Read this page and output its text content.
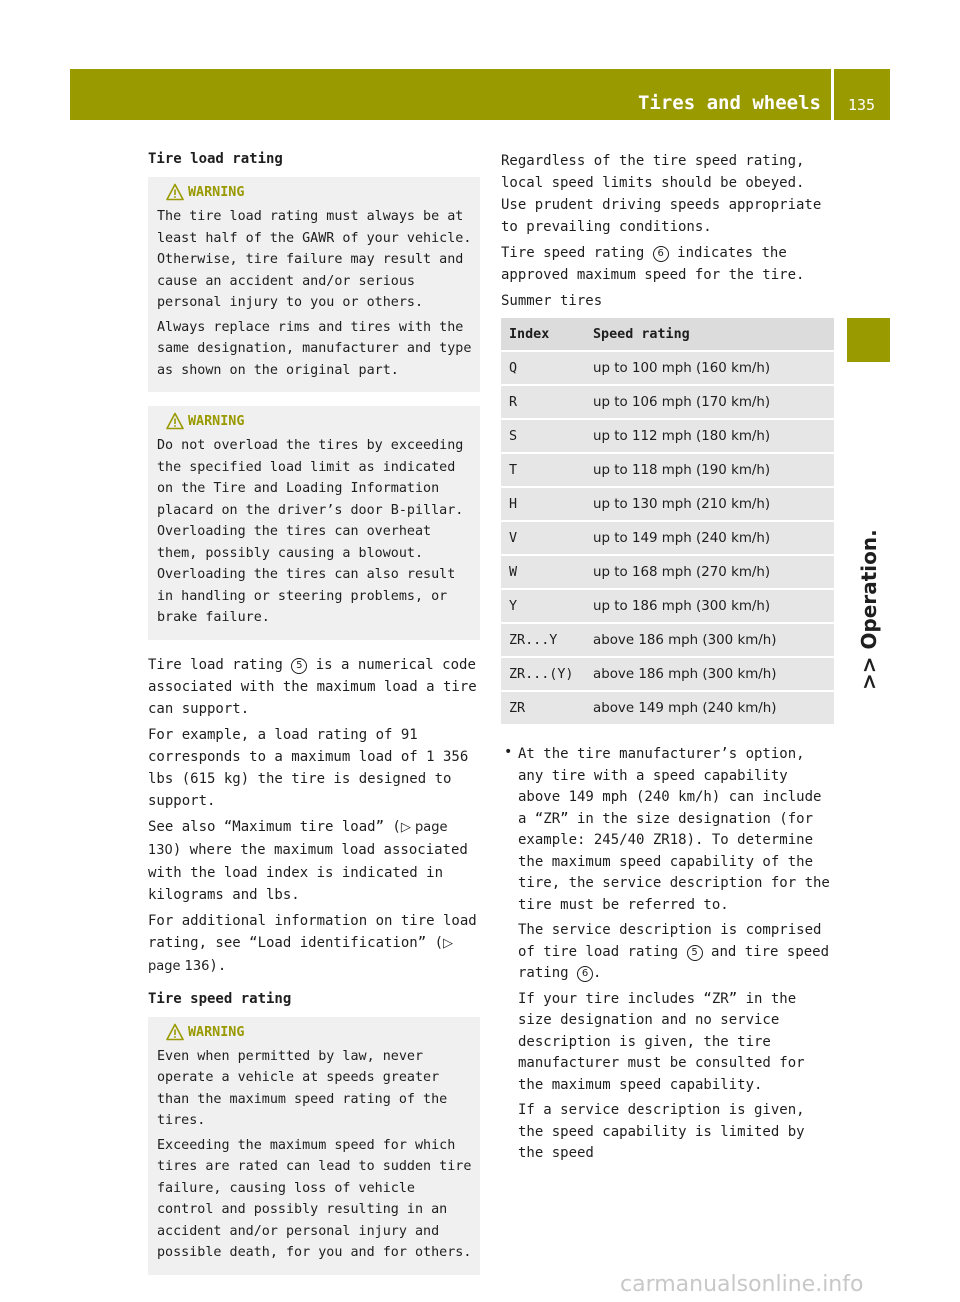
Tires and wheels 135
>> Operation.
Tire load rating
WARNING

The tire load rating must always be at least half of the GAWR of your vehicle. Otherwise, tire failure may result and cause an accident and/or serious personal injury to you or others.

Always replace rims and tires with the same designation, manufacturer and type as shown on the original part.

WARNING

Do not overload the tires by exceeding the specified load limit as indicated on the Tire and Loading Information placard on the driver’s door B-pillar. Overloading the tires can overheat them, possibly causing a blowout. Overloading the tires can also result in handling or steering problems, or brake failure.

Tire load rating 5 is a numerical code associated with the maximum load a tire can support.

For example, a load rating of 91 corresponds to a maximum load of 1 356 lbs (615 kg) the tire is designed to support.

See also “Maximum tire load” (▷ page 130) where the maximum load associated with the load index is indicated in kilograms and lbs.

For additional information on tire load rating, see “Load identification” (▷ page 136).

Tire speed rating
WARNING

Even when permitted by law, never operate a vehicle at speeds greater than the maximum speed rating of the tires.

Exceeding the maximum speed for which tires are rated can lead to sudden tire failure, causing loss of vehicle control and possibly resulting in an accident and/or personal injury and possible death, for you and for others.

Regardless of the tire speed rating, local speed limits should be obeyed. Use prudent driving speeds appropriate to prevailing conditions.

Tire speed rating 6 indicates the approved maximum speed for the tire.

Summer tires

Index	Speed rating
Q	up to 100 mph (160 km/h)
R	up to 106 mph (170 km/h)
S	up to 112 mph (180 km/h)
T	up to 118 mph (190 km/h)
H	up to 130 mph (210 km/h)
V	up to 149 mph (240 km/h)
W	up to 168 mph (270 km/h)
Y	up to 186 mph (300 km/h)
ZR...Y	above 186 mph (300 km/h)
ZR...(Y)	above 186 mph (300 km/h)
ZR	above 149 mph (240 km/h)
• At the tire manufacturer’s option, any tire with a speed capability above 149 mph (240 km/h) can include a “ZR” in the size designation (for example: 245/40 ZR18). To determine the maximum speed capability of the tire, the service description for the tire must be referred to.

The service description is comprised of tire load rating 5 and tire speed rating 6 .

If your tire includes “ZR” in the size designation and no service description is given, the tire manufacturer must be consulted for the maximum speed capability.

If a service description is given, the speed capability is limited by the speed

carmanualsonline.info
